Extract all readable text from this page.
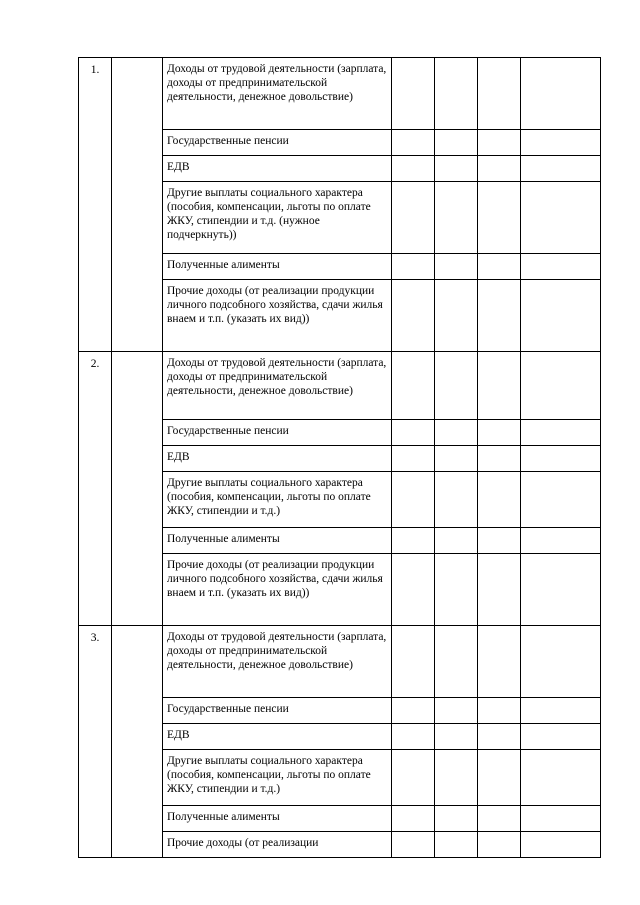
1.		Доходы от трудовой деятельности (зарплата, доходы от предпринимательской деятельности, денежное довольствие)				
		Государственные пенсии				
		ЕДВ				
		Другие выплаты социального характера (пособия, компенсации, льготы по оплате ЖКУ, стипендии и т.д. (нужное подчеркнуть))				
		Полученные алименты				
		Прочие доходы (от реализации продукции личного подсобного хозяйства, сдачи жилья внаем и т.п. (указать их вид))				
2.		Доходы от трудовой деятельности (зарплата, доходы от предпринимательской деятельности, денежное довольствие)				
		Государственные пенсии				
		ЕДВ				
		Другие выплаты социального характера (пособия, компенсации, льготы по оплате ЖКУ, стипендии и т.д.)				
		Полученные алименты				
		Прочие доходы (от реализации продукции личного подсобного хозяйства, сдачи жилья внаем и т.п. (указать их вид))				
3.		Доходы от трудовой деятельности (зарплата, доходы от предпринимательской деятельности, денежное довольствие)				
		Государственные пенсии				
		ЕДВ				
		Другие выплаты социального характера (пособия, компенсации, льготы по оплате ЖКУ, стипендии и т.д.)				
		Полученные алименты				
		Прочие доходы (от реализации				
